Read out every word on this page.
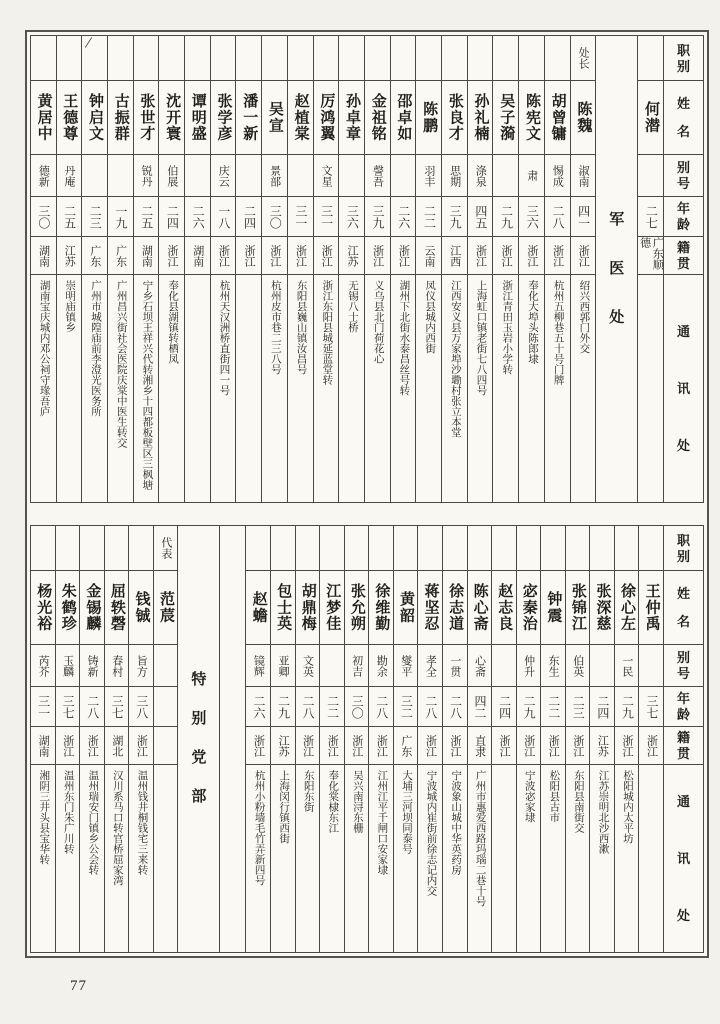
职
别
姓
名
别
号
年
龄
籍
贯
通
讯
处
何潜
二七
广东顺德
军
医
处
处长
陈魏
淑南
四一
浙江
绍兴西郭门外交
胡曾镛
惕成
二八
浙江
杭州五柳巷五十号门牌
陈宪文
肃
三六
浙江
奉化大埠头陈郎埭
吴子漪
二九
浙江
浙江青田玉岩小学转
孙礼楠
涤泉
四五
浙江
上海虹口镇老街七八四号
张良才
思期
三九
江西
江西安义县万家埠沙墈村张立本堂
陈鹏
羽丰
二二
云南
凤仪县城内西街
邵卓如
二六
浙江
湖州下北街水泰昌丝号转
金祖铭
謦吾
三九
浙江
义乌县北门荷花心
孙卓章
三六
江苏
无锡八士桥
厉鸿翼
文星
三一
浙江
浙江东阳县城延蓝堂转
赵植棠
三一
浙江
东阳县巍山镇汝昌号
吴宣
景部
三〇
浙江
杭州皮市巷二三八号
潘一新
二四
浙江
张学彦
庆云
一八
浙江
杭州天汉洲桥直街四一号
谭明盛
二六
湖南
沈开寰
伯展
二四
浙江
奉化县湖镇转栖凤
张世才
锐丹
二五
湖南
宁乡石坝王祥兴代转湘乡十四都板壁区三枫塘
古振群
一九
广东
广州昌兴街社会医院庆棠中医生转交
钟启文
二三
广东
广州市城隍庙前李澄光医务所
王德尊
丹庵
二五
江苏
崇明庙镇乡
黄居中
德新
三〇
湖南
湖南宝庆城内邓公祠守瑑吾庐
职
别
姓
名
别
号
年
龄
籍
贯
通
讯
处
王仲禹
三七
浙江
徐心左
一民
二九
浙江
松阳城内太平坊
张深慈
二四
江苏
江苏崇明北沙西漱
张锦江
伯英
二三
浙江
东阳县南街交
钟震
东生
二二
浙江
松阳县古市
宓秦治
仲升
二九
浙江
宁波宓家埭
赵志良
二四
浙江
陈心斋
心斋
四二
直隶
广州市惠爱西路玛瑙二巷十号
徐志道
一贯
二八
浙江
宁波象山城中华英药房
蒋坚忍
孝全
二八
浙江
宁波城内崔街前徐志记内交
黄韶
燮平
三二
广东
大埔三河坝同泰号
徐维勤
勘余
二八
浙江
江州江平千闸口安家埭
张允朔
初吉
三〇
浙江
吴兴南浔东栅
江梦佳
二二
浙江
奉化棠棣东江
胡鼎梅
文英
二八
浙江
东阳东街
包士英
亚卿
二九
江苏
上海闵行镇西街
赵蟾
镜辉
二六
浙江
杭州小粉墙毛竹弄新四号
特
别
党
部
代表
范莀
钱铖
旨方
三八
浙江
温州钱井桐钱宅三来转
屈轶磬
春村
三七
湖北
汉川系马口转官桥屈家湾
金锡麟
铸新
二八
浙江
温州瑞安门镇乡公会转
朱鹤珍
玉麟
三七
浙江
温州东门朱广川转
杨光裕
芮芥
三一
湖南
湘阴三井头县宝华转
/
77
